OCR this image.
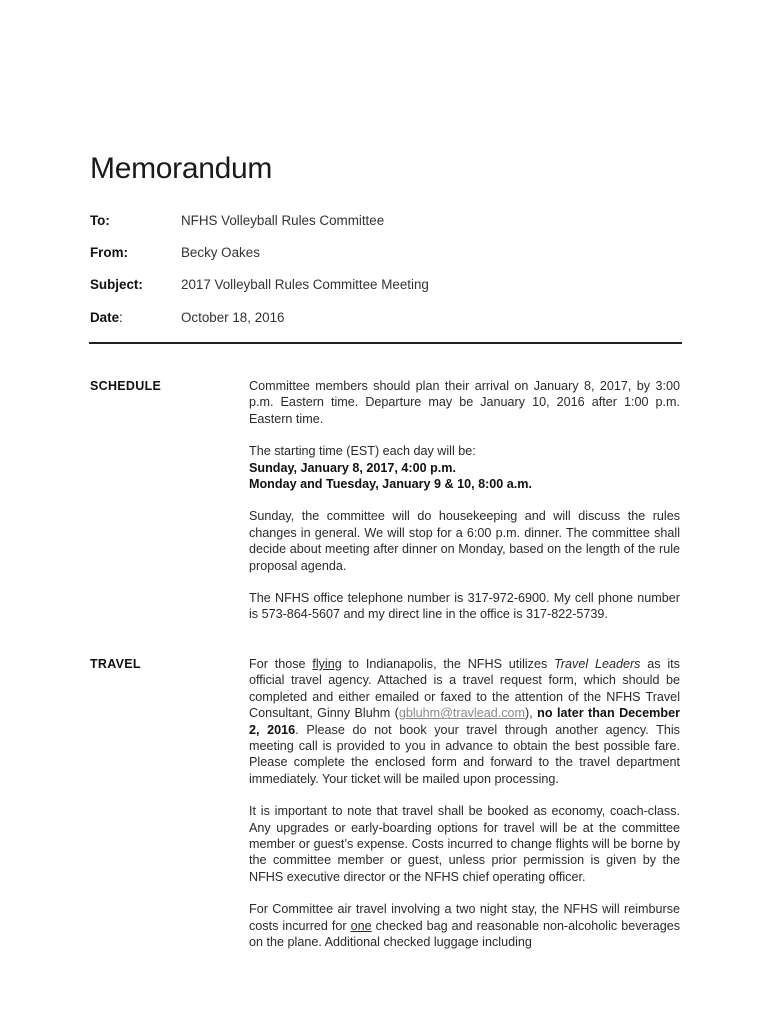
Memorandum
To:	NFHS Volleyball Rules Committee
From:	Becky Oakes
Subject:	2017 Volleyball Rules Committee Meeting
Date:	October 18, 2016
SCHEDULE	Committee members should plan their arrival on January 8, 2017, by 3:00 p.m. Eastern time. Departure may be January 10, 2016 after 1:00 p.m. Eastern time.

The starting time (EST) each day will be:
Sunday, January 8, 2017, 4:00 p.m.
Monday and Tuesday, January 9 & 10, 8:00 a.m.

Sunday, the committee will do housekeeping and will discuss the rules changes in general. We will stop for a 6:00 p.m. dinner. The committee shall decide about meeting after dinner on Monday, based on the length of the rule proposal agenda.

The NFHS office telephone number is 317-972-6900. My cell phone number is 573-864-5607 and my direct line in the office is 317-822-5739.

TRAVEL	For those flying to Indianapolis, the NFHS utilizes Travel Leaders as its official travel agency. Attached is a travel request form, which should be completed and either emailed or faxed to the attention of the NFHS Travel Consultant, Ginny Bluhm (gbluhm@travlead.com), no later than December 2, 2016. Please do not book your travel through another agency. This meeting call is provided to you in advance to obtain the best possible fare. Please complete the enclosed form and forward to the travel department immediately. Your ticket will be mailed upon processing.

It is important to note that travel shall be booked as economy, coach-class. Any upgrades or early-boarding options for travel will be at the committee member or guest’s expense. Costs incurred to change flights will be borne by the committee member or guest, unless prior permission is given by the NFHS executive director or the NFHS chief operating officer.

For Committee air travel involving a two night stay, the NFHS will reimburse costs incurred for one checked bag and reasonable non-alcoholic beverages on the plane. Additional checked luggage including
